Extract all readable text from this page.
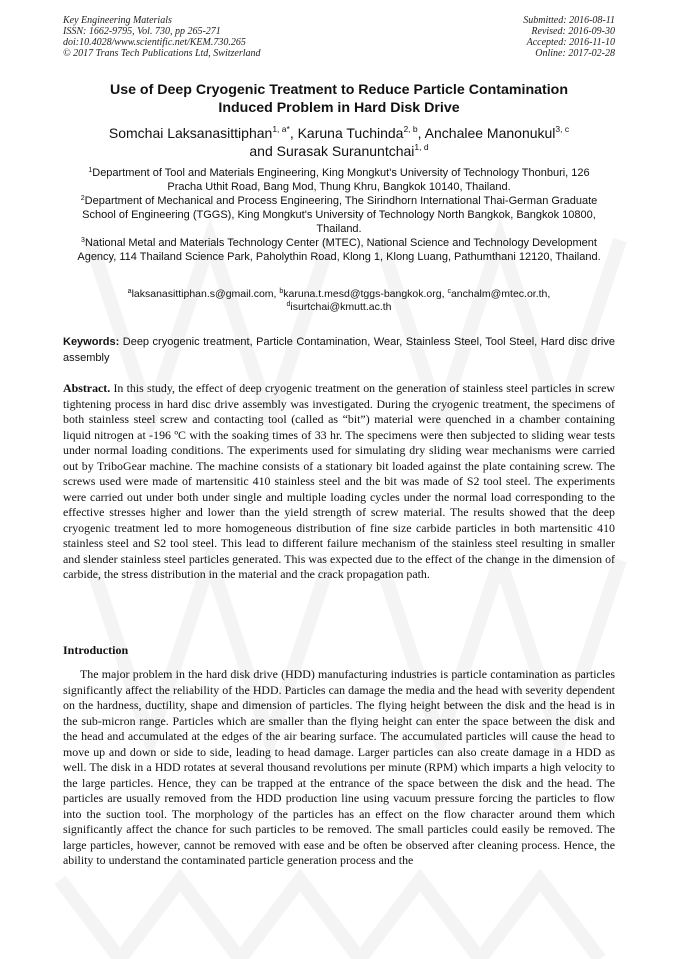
Key Engineering Materials
ISSN: 1662-9795, Vol. 730, pp 265-271
doi:10.4028/www.scientific.net/KEM.730.265
© 2017 Trans Tech Publications Ltd, Switzerland
Submitted: 2016-08-11
Revised: 2016-09-30
Accepted: 2016-11-10
Online: 2017-02-28
Use of Deep Cryogenic Treatment to Reduce Particle Contamination
Induced Problem in Hard Disk Drive
Somchai Laksanasittiphan$^{1, a*}$, Karuna Tuchinda$^{2, b}$, Anchalee Manonukul$^{3, c}$
and Surasak Suranuntchai$^{1, d}$
$^1$Department of Tool and Materials Engineering, King Mongkut's University of Technology Thonburi, 126 Pracha Uthit Road, Bang Mod, Thung Khru, Bangkok 10140, Thailand.
$^2$Department of Mechanical and Process Engineering, The Sirindhorn International Thai-German Graduate School of Engineering (TGGS), King Mongkut's University of Technology North Bangkok, Bangkok 10800, Thailand.
$^3$National Metal and Materials Technology Center (MTEC), National Science and Technology Development Agency, 114 Thailand Science Park, Paholythin Road, Klong 1, Klong Luang, Pathumthani 12120, Thailand.
$^a$laksanasittiphan.s@gmail.com, $^b$karuna.t.mesd@tggs-bangkok.org, $^c$anchalm@mtec.or.th,
$^d$isurtchai@kmutt.ac.th
Keywords: Deep cryogenic treatment, Particle Contamination, Wear, Stainless Steel, Tool Steel, Hard disc drive assembly
Abstract. In this study, the effect of deep cryogenic treatment on the generation of stainless steel particles in screw tightening process in hard disc drive assembly was investigated. During the cryogenic treatment, the specimens of both stainless steel screw and contacting tool (called as “bit”) material were quenched in a chamber containing liquid nitrogen at -196 ºC with the soaking times of 33 hr. The specimens were then subjected to sliding wear tests under normal loading conditions. The experiments used for simulating dry sliding wear mechanisms were carried out by TriboGear machine. The machine consists of a stationary bit loaded against the plate containing screw. The screws used were made of martensitic 410 stainless steel and the bit was made of S2 tool steel. The experiments were carried out under both under single and multiple loading cycles under the normal load corresponding to the effective stresses higher and lower than the yield strength of screw material. The results showed that the deep cryogenic treatment led to more homogeneous distribution of fine size carbide particles in both martensitic 410 stainless steel and S2 tool steel. This lead to different failure mechanism of the stainless steel resulting in smaller and slender stainless steel particles generated. This was expected due to the effect of the change in the dimension of carbide, the stress distribution in the material and the crack propagation path.
Introduction
The major problem in the hard disk drive (HDD) manufacturing industries is particle contamination as particles significantly affect the reliability of the HDD. Particles can damage the media and the head with severity dependent on the hardness, ductility, shape and dimension of particles. The flying height between the disk and the head is in the sub-micron range. Particles which are smaller than the flying height can enter the space between the disk and the head and accumulated at the edges of the air bearing surface. The accumulated particles will cause the head to move up and down or side to side, leading to head damage. Larger particles can also create damage in a HDD as well. The disk in a HDD rotates at several thousand revolutions per minute (RPM) which imparts a high velocity to the large particles. Hence, they can be trapped at the entrance of the space between the disk and the head. The particles are usually removed from the HDD production line using vacuum pressure forcing the particles to flow into the suction tool. The morphology of the particles has an effect on the flow character around them which significantly affect the chance for such particles to be removed. The small particles could easily be removed. The large particles, however, cannot be removed with ease and be often be observed after cleaning process. Hence, the ability to understand the contaminated particle generation process and the
